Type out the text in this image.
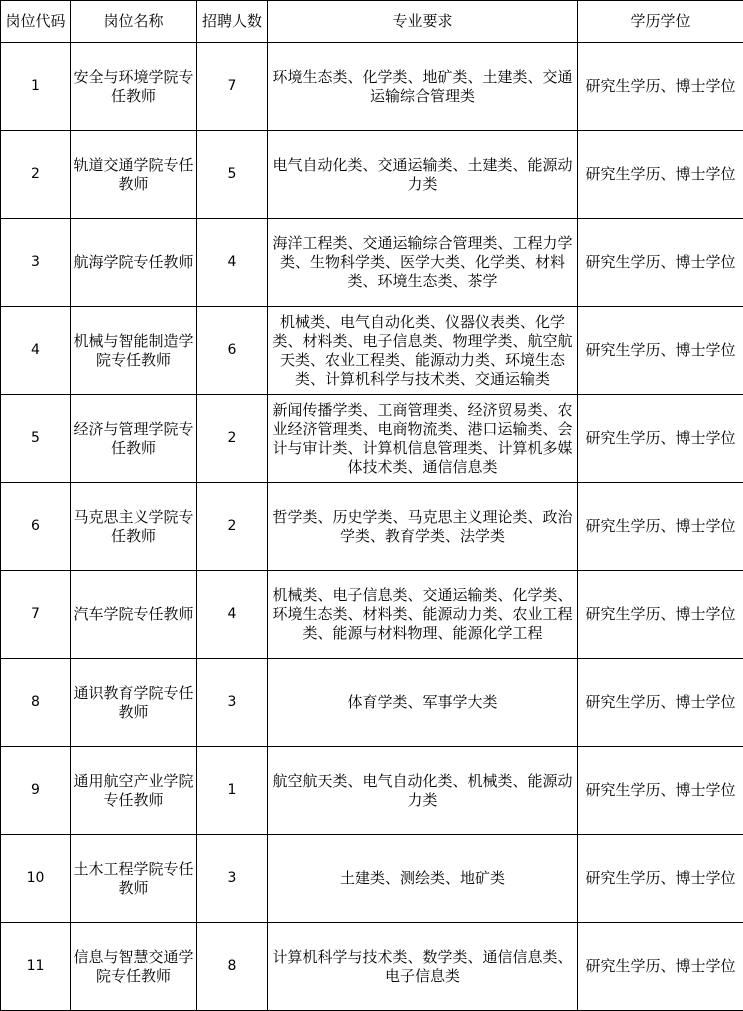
岗位代码	岗位名称	招聘人数	专业要求	学历学位
1	安全与环境学院专任教师	7	环境生态类、化学类、地矿类、土建类、交通运输综合管理类	研究生学历、博士学位
2	轨道交通学院专任教师	5	电气自动化类、交通运输类、土建类、能源动力类	研究生学历、博士学位
3	航海学院专任教师	4	海洋工程类、交通运输综合管理类、工程力学类、生物科学类、医学大类、化学类、材料类、环境生态类、茶学	研究生学历、博士学位
4	机械与智能制造学院专任教师	6	机械类、电气自动化类、仪器仪表类、化学类、材料类、电子信息类、物理学类、航空航天类、农业工程类、能源动力类、环境生态类、计算机科学与技术类、交通运输类	研究生学历、博士学位
5	经济与管理学院专任教师	2	新闻传播学类、工商管理类、经济贸易类、农业经济管理类、电商物流类、港口运输类、会计与审计类、计算机信息管理类、计算机多媒体技术类、通信信息类	研究生学历、博士学位
6	马克思主义学院专任教师	2	哲学类、历史学类、马克思主义理论类、政治学类、教育学类、法学类	研究生学历、博士学位
7	汽车学院专任教师	4	机械类、电子信息类、交通运输类、化学类、环境生态类、材料类、能源动力类、农业工程类、能源与材料物理、能源化学工程	研究生学历、博士学位
8	通识教育学院专任教师	3	体育学类、军事学大类	研究生学历、博士学位
9	通用航空产业学院专任教师	1	航空航天类、电气自动化类、机械类、能源动力类	研究生学历、博士学位
10	土木工程学院专任教师	3	土建类、测绘类、地矿类	研究生学历、博士学位
11	信息与智慧交通学院专任教师	8	计算机科学与技术类、数学类、通信信息类、电子信息类	研究生学历、博士学位
